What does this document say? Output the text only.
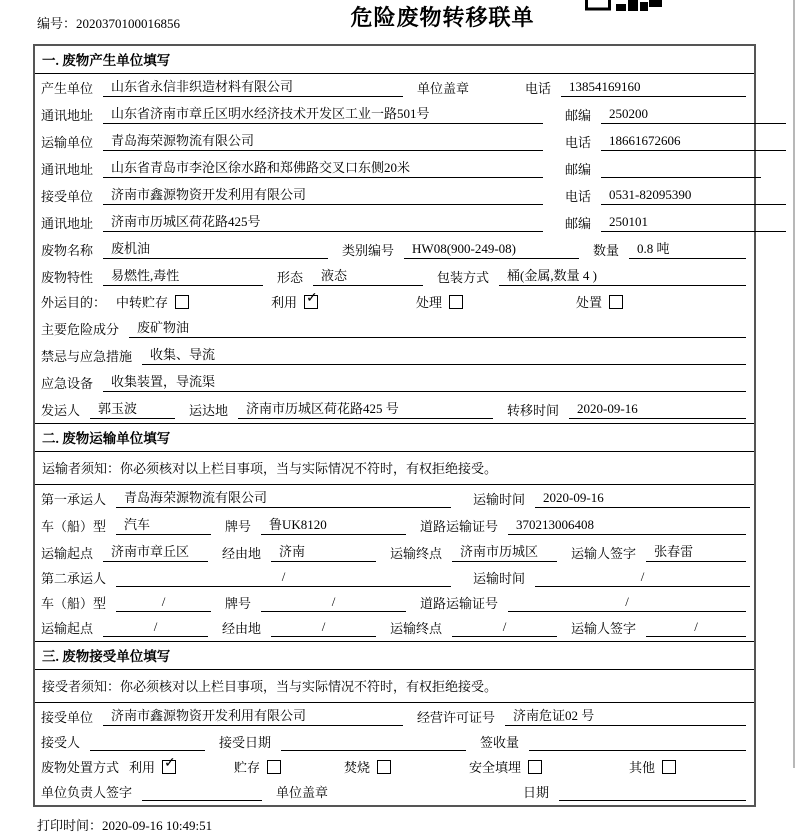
编号：2020370100016856	危险废物转移联单
一. 废物产生单位填写
产生单位 山东省永信非织造材料有限公司	单位盖章	电话 13854169160
通讯地址 山东省济南市章丘区明水经济技术开发区工业一路501号	邮编 250200
运输单位 青岛海荣源物流有限公司	电话 18661672606
通讯地址 山东省青岛市李沧区徐水路和郑佛路交叉口东侧20米	邮编
接受单位 济南市鑫源物资开发利用有限公司	电话 0531-82095390
通讯地址 济南市历城区荷花路425号	邮编 250101
废物名称 废机油	类别编号 HW08(900-249-08)	数量 0.8 吨
废物特性 易燃性,毒性	形态 液态	包装方式 桶(金属,数量 4 )
外运目的： 中转贮存	利用 ✓	处理	处置
主要危险成分 废矿物油
禁忌与应急措施 收集、导流
应急设备 收集装置，导流渠
发运人 郭玉波	运达地 济南市历城区荷花路425 号	转移时间 2020-09-16
二. 废物运输单位填写
运输者须知：你必须核对以上栏目事项，当与实际情况不符时，有权拒绝接受。
第一承运人 青岛海荣源物流有限公司	运输时间 2020-09-16
车（船）型 汽车	牌号 鲁UK8120	道路运输证号 370213006408
运输起点 济南市章丘区	经由地 济南	运输终点 济南市历城区	运输人签字 张春雷
第二承运人	/	运输时间	/
车（船）型	/	牌号	/	道路运输证号	/
运输起点	/	经由地	/	运输终点	/	运输人签字	/
三. 废物接受单位填写
接受者须知：你必须核对以上栏目事项，当与实际情况不符时，有权拒绝接受。
接受单位 济南市鑫源物资开发利用有限公司	经营许可证号 济南危证02 号
接受人	接受日期	签收量
废物处置方式 利用 ✓	贮存	焚烧	安全填埋	其他
单位负责人签字	单位盖章	日期
打印时间：2020-09-16 10:49:51
